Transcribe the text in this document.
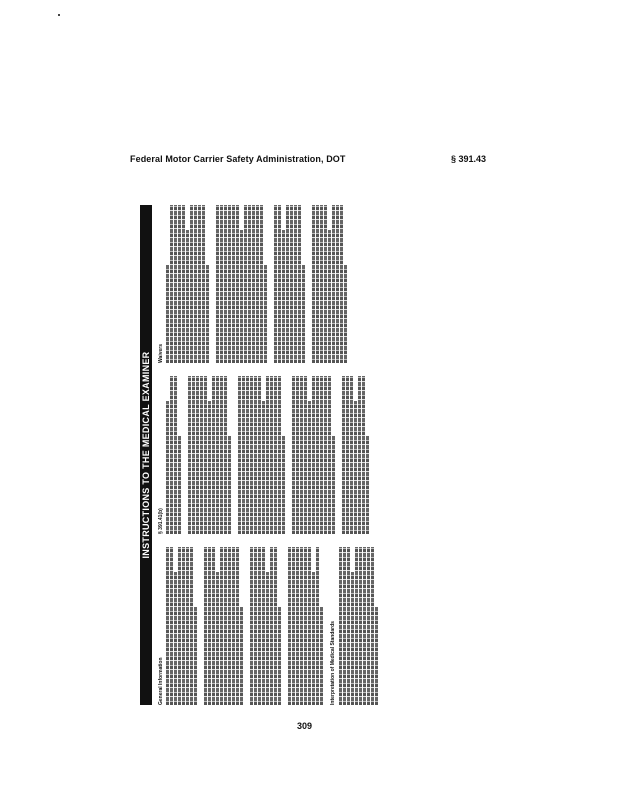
Federal Motor Carrier Safety Administration, DOT	§ 391.43
INSTRUCTIONS TO THE MEDICAL EXAMINER
General Information	Interpretation of Medical Standards
§ 391.41(b)
Waivers
309
